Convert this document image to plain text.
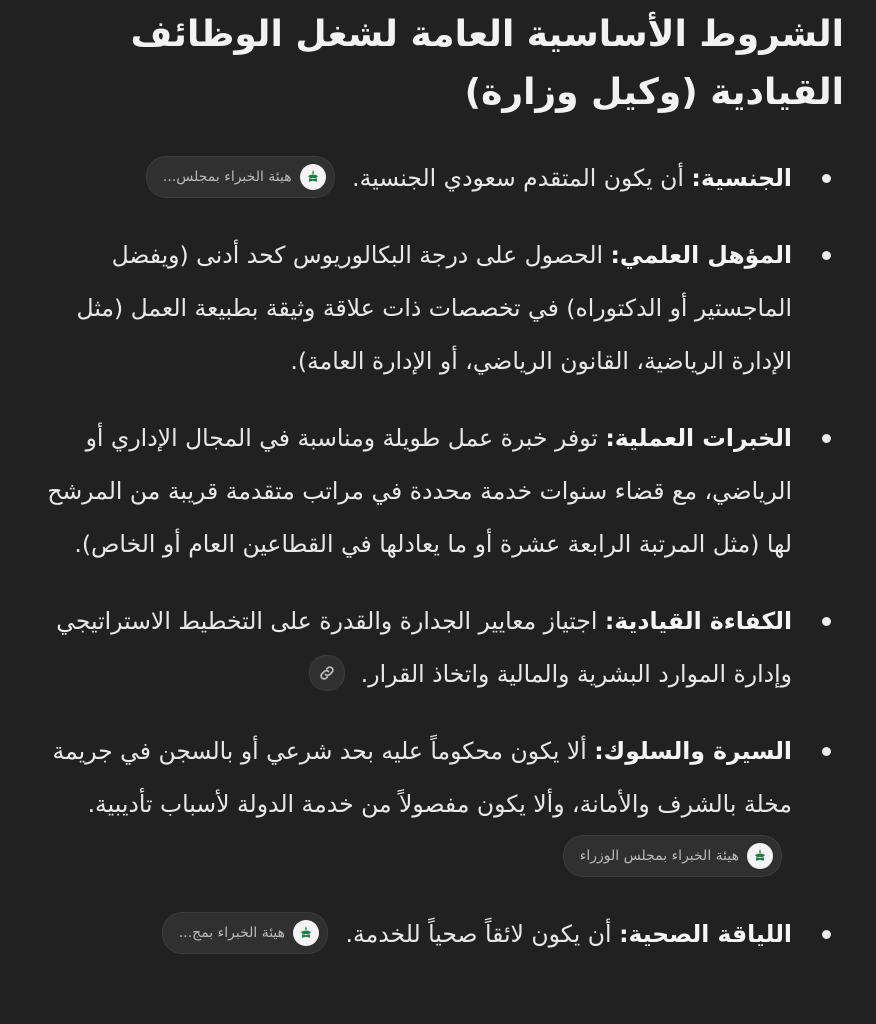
الشروط الأساسية العامة لشغل الوظائف القيادية (وكيل وزارة)
الجنسية: أن يكون المتقدم سعودي الجنسية.
هيئة الخبراء بمجلس...
المؤهل العلمي: الحصول على درجة البكالوريوس كحد أدنى (ويفضل الماجستير أو الدكتوراه) في تخصصات ذات علاقة وثيقة بطبيعة العمل (مثل الإدارة الرياضية، القانون الرياضي، أو الإدارة العامة).
الخبرات العملية: توفر خبرة عمل طويلة ومناسبة في المجال الإداري أو الرياضي، مع قضاء سنوات خدمة محددة في مراتب متقدمة قريبة من المرشح لها (مثل المرتبة الرابعة عشرة أو ما يعادلها في القطاعين العام أو الخاص).
الكفاءة القيادية: اجتياز معايير الجدارة والقدرة على التخطيط الاستراتيجي وإدارة الموارد البشرية والمالية واتخاذ القرار.
السيرة والسلوك: ألا يكون محكوماً عليه بحد شرعي أو بالسجن في جريمة مخلة بالشرف والأمانة، وألا يكون مفصولاً من خدمة الدولة لأسباب تأديبية.
هيئة الخبراء بمجلس الوزراء
اللياقة الصحية: أن يكون لائقاً صحياً للخدمة.
هيئة الخبراء بمج...
